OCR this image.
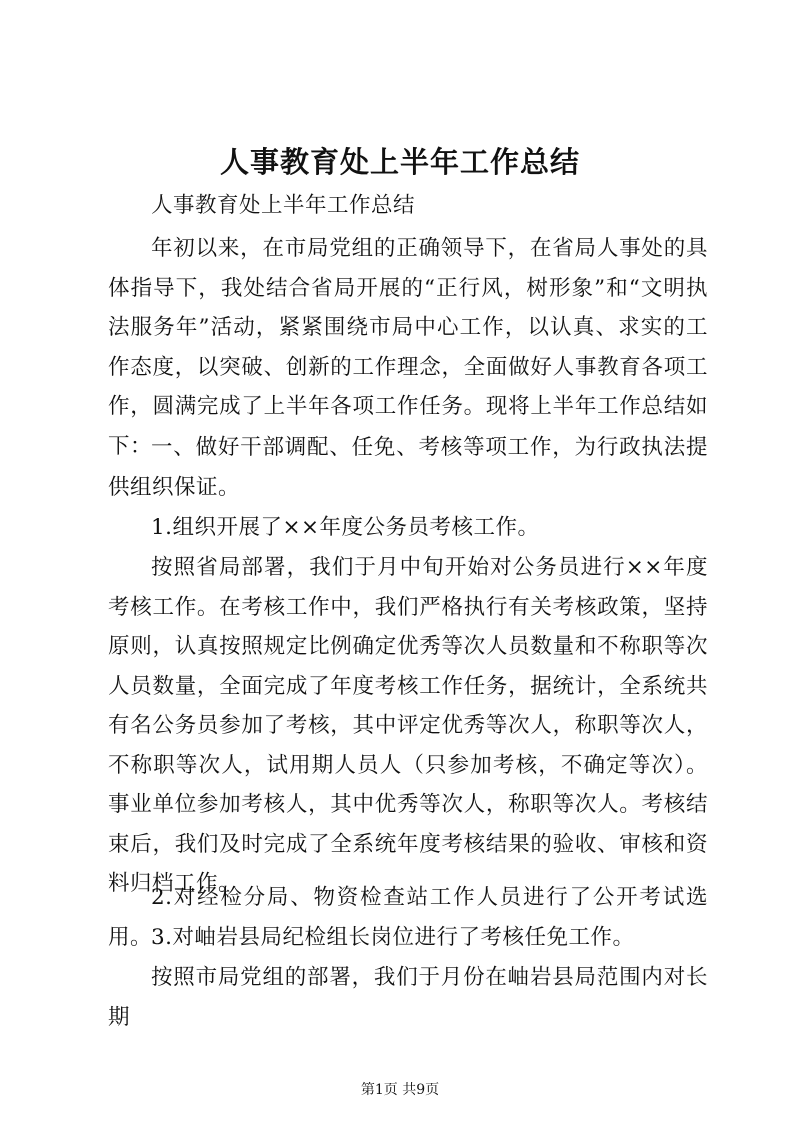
人事教育处上半年工作总结

人事教育处上半年工作总结

年初以来，在市局党组的正确领导下，在省局人事处的具体指导下，我处结合省局开展的“正行风，树形象”和“文明执法服务年”活动，紧紧围绕市局中心工作，以认真、求实的工作态度，以突破、创新的工作理念，全面做好人事教育各项工作，圆满完成了上半年各项工作任务。现将上半年工作总结如下：

一、做好干部调配、任免、考核等项工作，为行政执法提供组织保证。

1.组织开展了××年度公务员考核工作。

按照省局部署，我们于月中旬开始对公务员进行××年度考核工作。在考核工作中，我们严格执行有关考核政策，坚持原则，认真按照规定比例确定优秀等次人员数量和不称职等次人员数量，全面完成了年度考核工作任务，据统计，全系统共有名公务员参加了考核，其中评定优秀等次人，称职等次人，不称职等次人，试用期人员人（只参加考核，不确定等次）。事业单位参加考核人，其中优秀等次人，称职等次人。考核结束后，我们及时完成了全系统年度考核结果的验收、审核和资料归档工作。

2.对经检分局、物资检查站工作人员进行了公开考试选用。

3.对岫岩县局纪检组长岗位进行了考核任免工作。

按照市局党组的部署，我们于月份在岫岩县局范围内对长期

第1页 共9页
